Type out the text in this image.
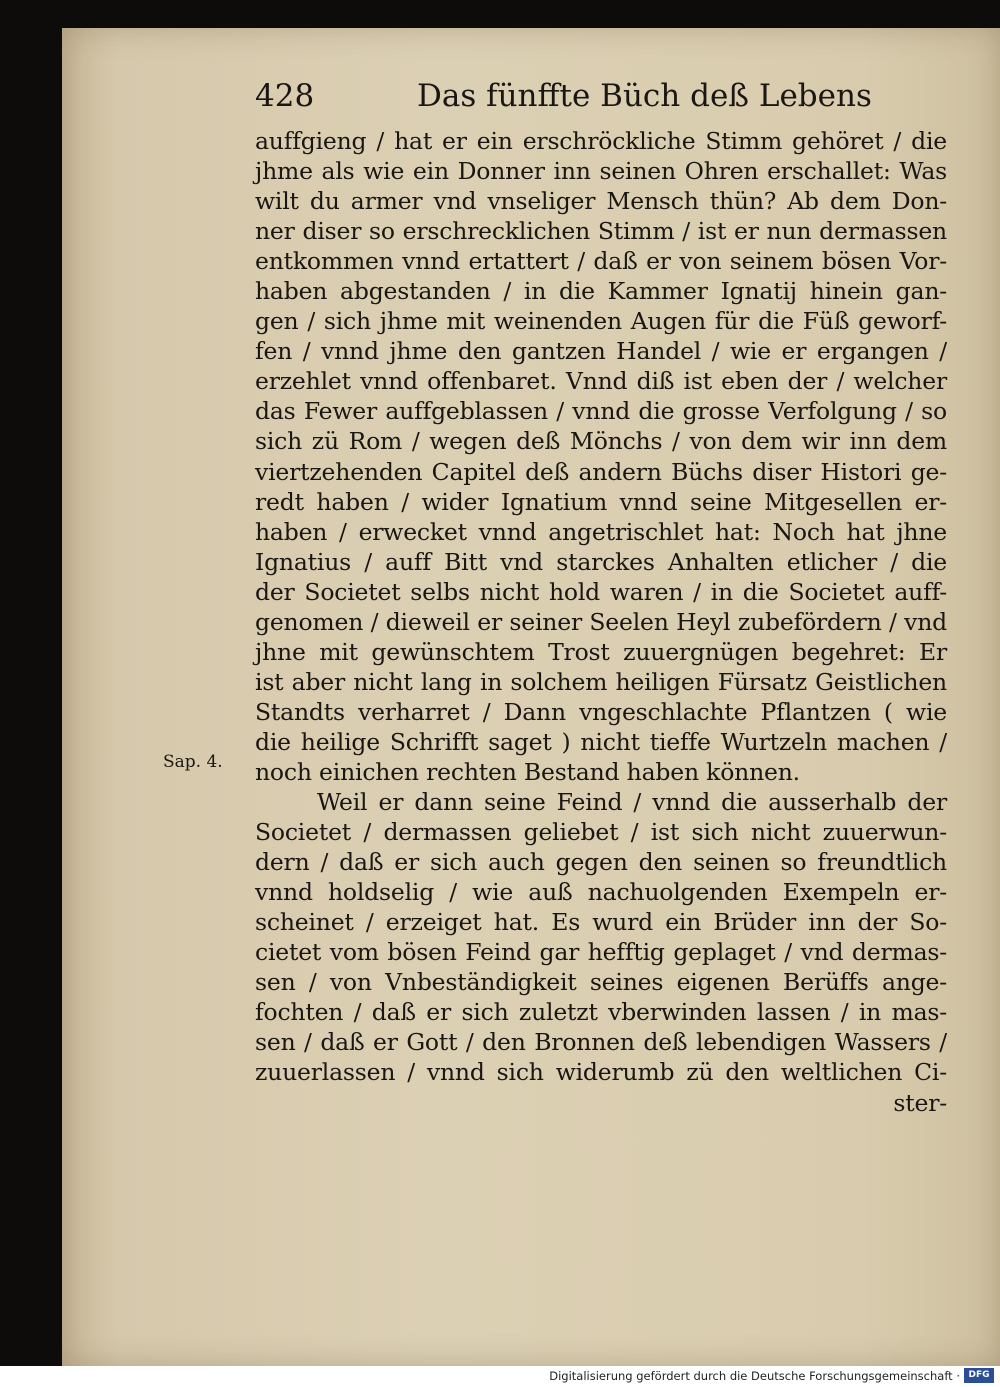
428	Das fünffte Büch deß Lebens
Sap. 4.
auffgieng / hat er ein erschröckliche Stimm gehöret / die
jhme als wie ein Donner inn seinen Ohren erschallet: Was
wilt du armer vnd vnseliger Mensch thün? Ab dem Don-
ner diser so erschrecklichen Stimm / ist er nun dermassen
entkommen vnnd ertattert / daß er von seinem bösen Vor-
haben abgestanden / in die Kammer Ignatij hinein gan-
gen / sich jhme mit weinenden Augen für die Füß geworf-
fen / vnnd jhme den gantzen Handel / wie er ergangen /
erzehlet vnnd offenbaret. Vnnd diß ist eben der / welcher
das Fewer auffgeblassen / vnnd die grosse Verfolgung / so
sich zü Rom / wegen deß Mönchs / von dem wir inn dem
viertzehenden Capitel deß andern Büchs diser Histori ge-
redt haben / wider Ignatium vnnd seine Mitgesellen er-
haben / erwecket vnnd angetrischlet hat: Noch hat jhne
Ignatius / auff Bitt vnd starckes Anhalten etlicher / die
der Societet selbs nicht hold waren / in die Societet auff-
genomen / dieweil er seiner Seelen Heyl zubefördern / vnd
jhne mit gewünschtem Trost zuuergnügen begehret: Er
ist aber nicht lang in solchem heiligen Fürsatz Geistlichen
Standts verharret / Dann vngeschlachte Pflantzen ( wie
die heilige Schrifft saget ) nicht tieffe Wurtzeln machen /
noch einichen rechten Bestand haben können.
Weil er dann seine Feind / vnnd die ausserhalb der
Societet / dermassen geliebet / ist sich nicht zuuerwun-
dern / daß er sich auch gegen den seinen so freundtlich
vnnd holdselig / wie auß nachuolgenden Exempeln er-
scheinet / erzeiget hat. Es wurd ein Brüder inn der So-
cietet vom bösen Feind gar hefftig geplaget / vnd dermas-
sen / von Vnbeständigkeit seines eigenen Berüffs ange-
fochten / daß er sich zuletzt vberwinden lassen / in mas-
sen / daß er Gott / den Bronnen deß lebendigen Wassers /
zuuerlassen / vnnd sich widerumb zü den weltlichen Ci-
ster-
Digitalisierung gefördert durch die Deutsche Forschungsgemeinschaft · DFG
